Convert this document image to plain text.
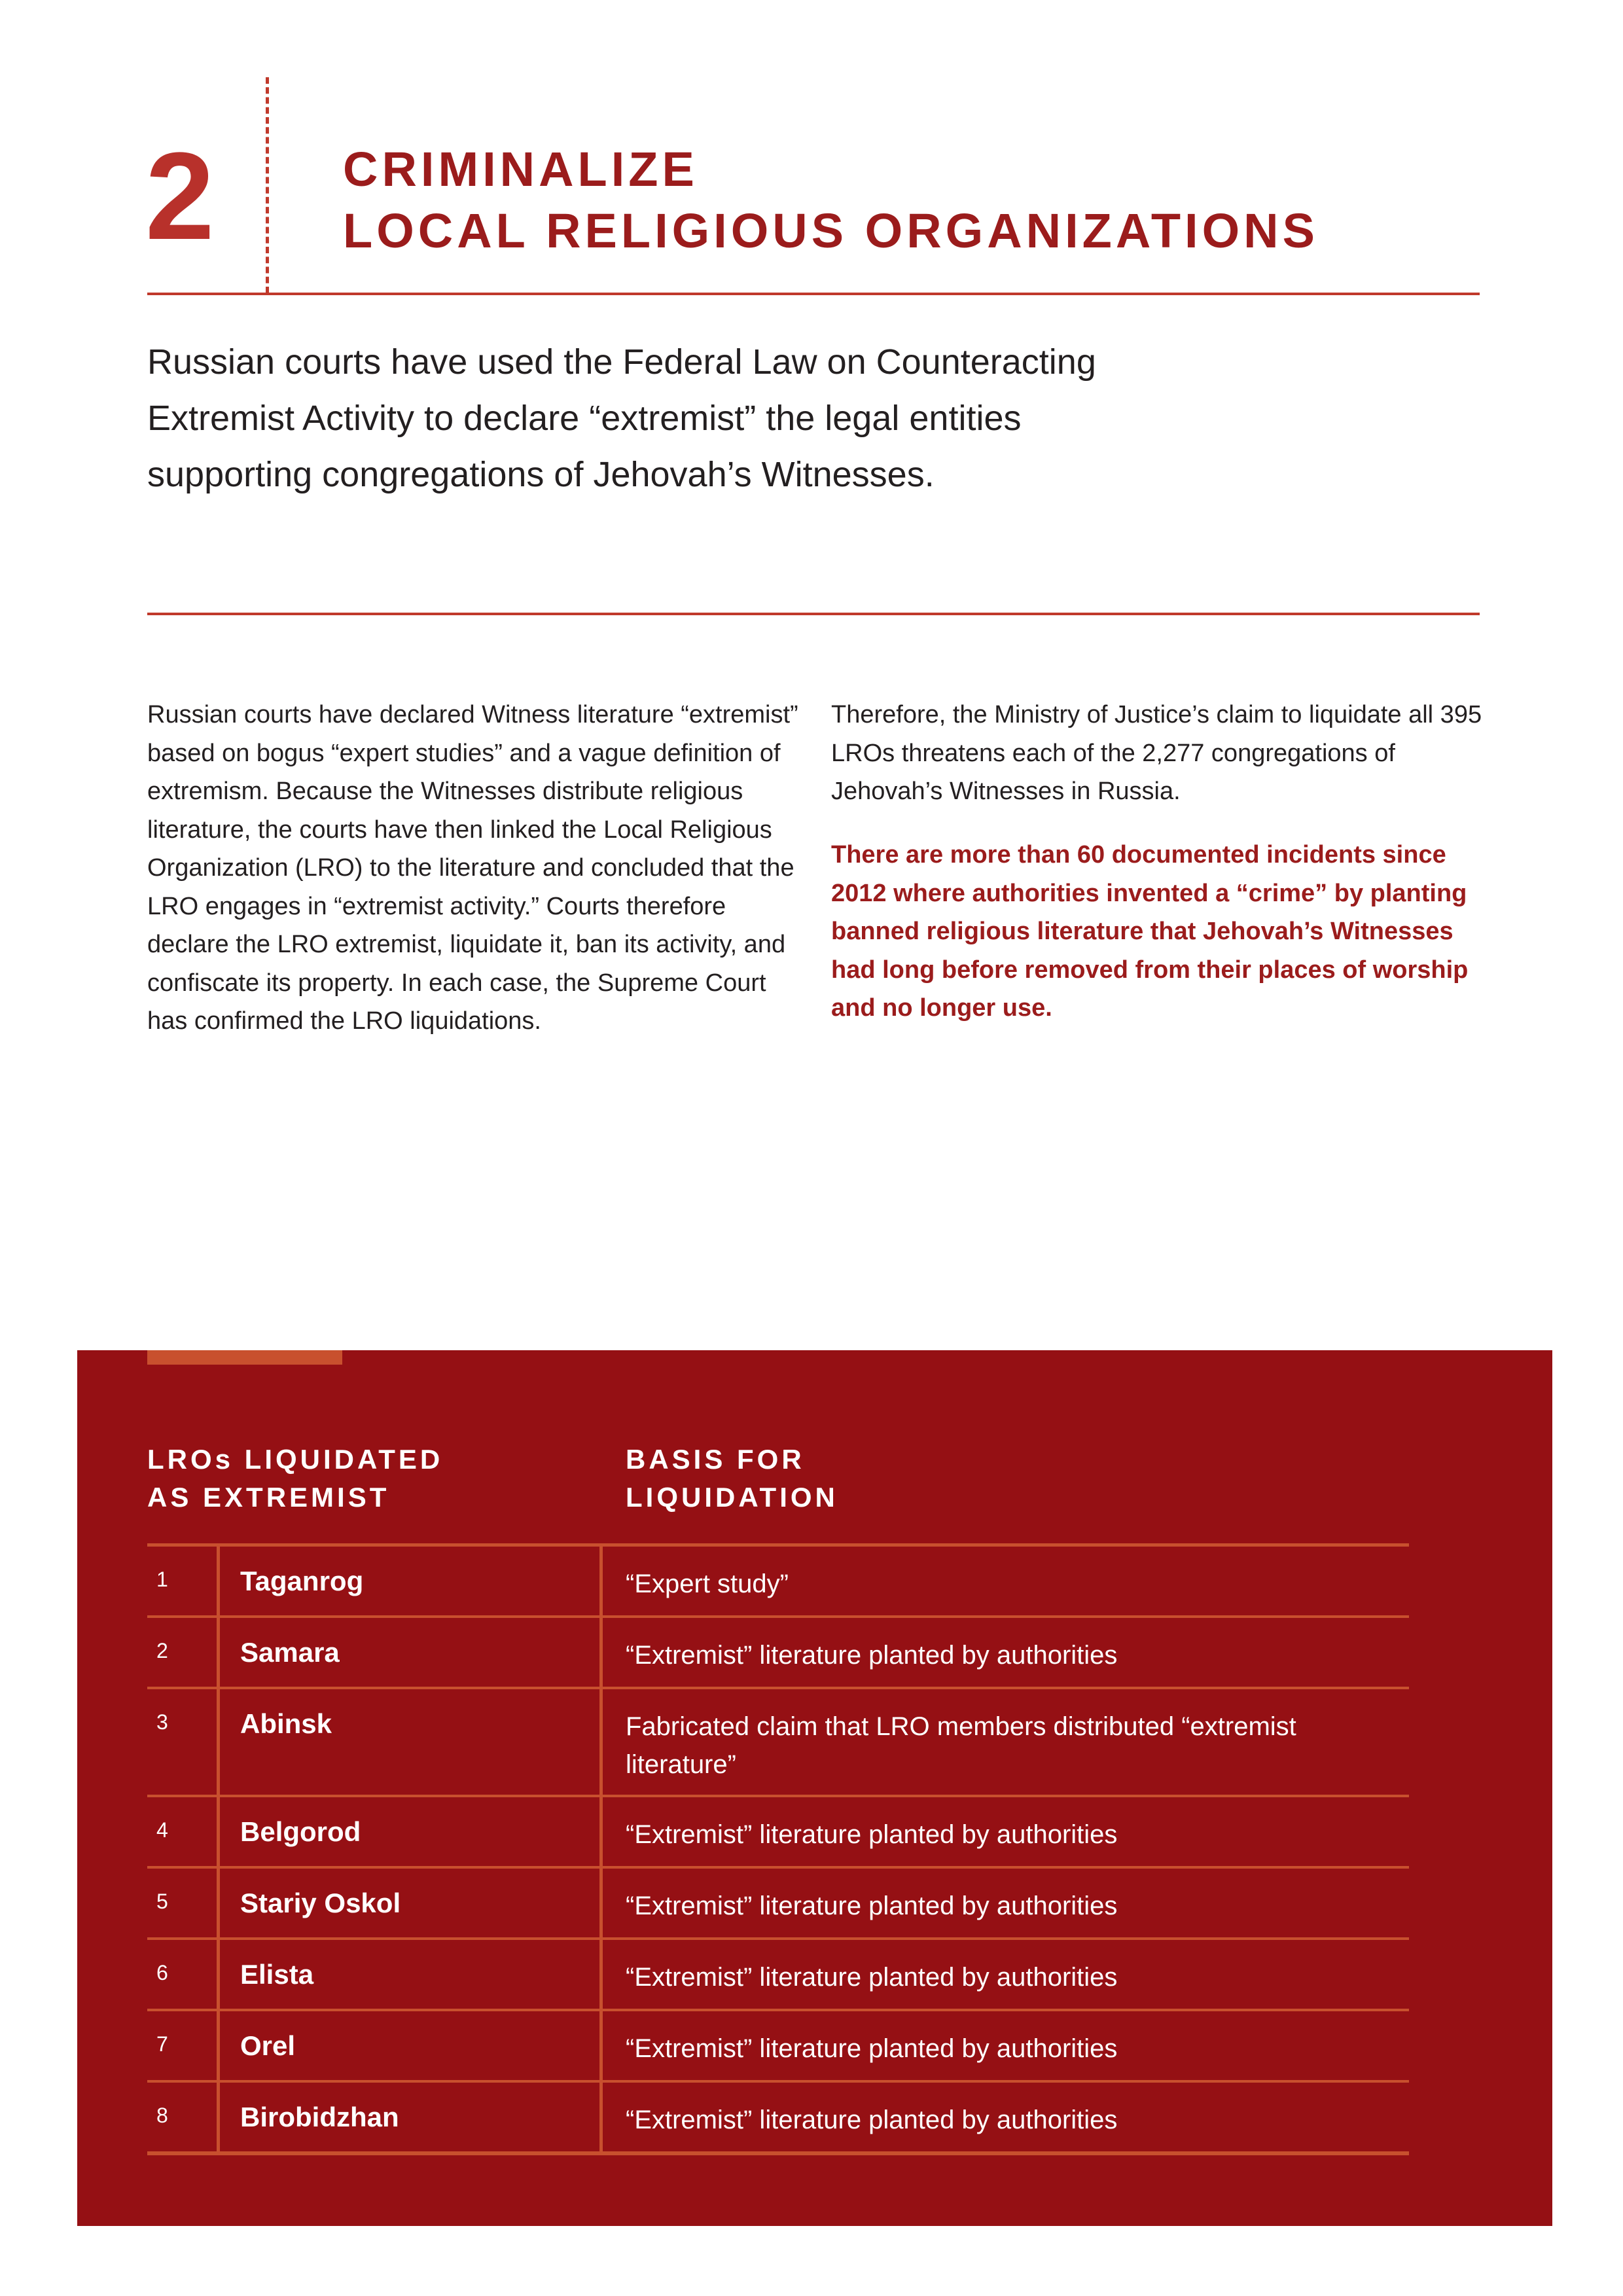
2	CRIMINALIZE
LOCAL RELIGIOUS ORGANIZATIONS

Russian courts have used the Federal Law on Counteracting Extremist Activity to declare “extremist” the legal entities supporting congregations of Jehovah’s Witnesses.

Russian courts have declared Witness literature “extremist” based on bogus “expert studies” and a vague definition of extremism. Because the Witnesses distribute religious literature, the courts have then linked the Local Religious Organization (LRO) to the literature and concluded that the LRO engages in “extremist activity.” Courts therefore declare the LRO extremist, liquidate it, ban its activity, and confiscate its property. In each case, the Supreme Court has confirmed the LRO liquidations.

Therefore, the Ministry of Justice’s claim to liquidate all 395 LROs threatens each of the 2,277 congregations of Jehovah’s Witnesses in Russia.

There are more than 60 documented incidents since 2012 where authorities invented a “crime” by planting banned religious literature that Jehovah’s Witnesses had long before removed from their places of worship and no longer use.

LROs LIQUIDATED
AS EXTREMIST
BASIS FOR
LIQUIDATION
1	Taganrog	“Expert study”
2	Samara	“Extremist” literature planted by authorities
3	Abinsk	Fabricated claim that LRO members distributed “extremist literature”
4	Belgorod	“Extremist” literature planted by authorities
5	Stariy Oskol	“Extremist” literature planted by authorities
6	Elista	“Extremist” literature planted by authorities
7	Orel	“Extremist” literature planted by authorities
8	Birobidzhan	“Extremist” literature planted by authorities
